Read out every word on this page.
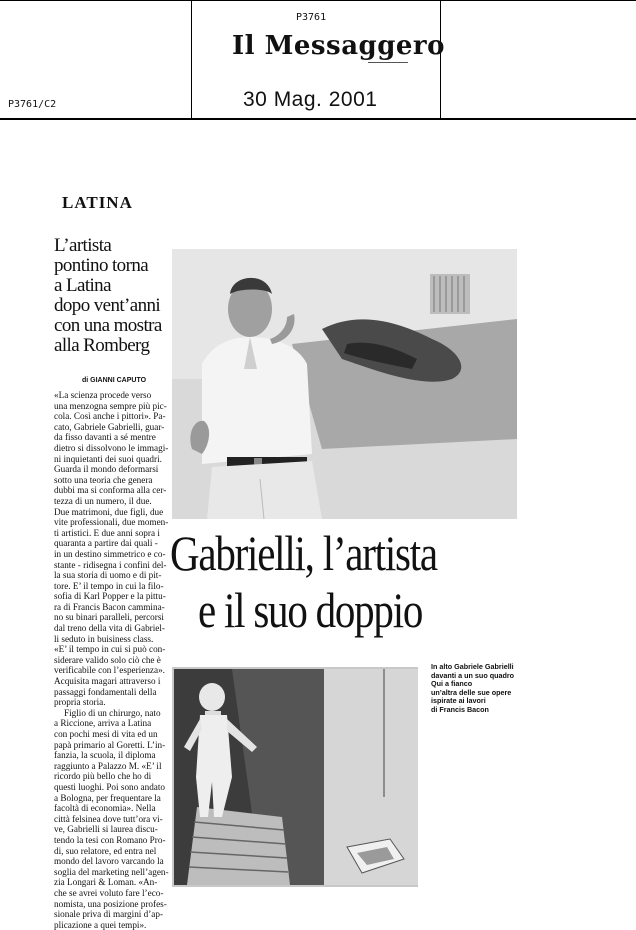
P3761
Il Messaggero
P3761/C2	30 Mag. 2001
LATINA
L’artista
pontino torna
a Latina
dopo vent’anni
con una mostra
alla Romberg
di GIANNI CAPUTO
«La scienza procede verso
una menzogna sempre più pic-
cola. Così anche i pittori». Pa-
cato, Gabriele Gabrielli, guar-
da fisso davanti a sé mentre
dietro si dissolvono le immagi-
ni inquietanti dei suoi quadri.
Guarda il mondo deformarsi
sotto una teoria che genera
dubbi ma si conforma alla cer-
tezza di un numero, il due.
Due matrimoni, due figli, due
vite professionali, due momen-
ti artistici. E due anni sopra i
quaranta a partire dai quali -
in un destino simmetrico e co-
stante - ridisegna i confini del-
la sua storia di uomo e di pit-
tore. E’ il tempo in cui la filo-
sofia di Karl Popper e la pittu-
ra di Francis Bacon cammina-
no su binari paralleli, percorsi
dal treno della vita di Gabriel-
li seduto in buisiness class.
«E’ il tempo in cui si può con-
siderare valido solo ciò che è
verificabile con l’esperienza».
Acquisita magari attraverso i
passaggi fondamentali della
propria storia.
Figlio di un chirurgo, nato
a Riccione, arriva a Latina
con pochi mesi di vita ed un
papà primario al Goretti. L’in-
fanzia, la scuola, il diploma
raggiunto a Palazzo M. «E’ il
ricordo più bello che ho di
questi luoghi. Poi sono andato
a Bologna, per frequentare la
facoltà di economia». Nella
città felsinea dove tutt’ora vi-
ve, Gabrielli si laurea discu-
tendo la tesi con Romano Pro-
di, suo relatore, ed entra nel
mondo del lavoro varcando la
soglia del marketing nell’agen-
zia Longari & Loman. «An-
che se avrei voluto fare l’eco-
nomista, una posizione profes-
sionale priva di margini d’ap-
plicazione a quei tempi».
Gabrielli, l’artista
e il suo doppio
In alto Gabriele Gabrielli
davanti a un suo quadro
Qui a fianco
un’altra delle sue opere
ispirate ai lavori
di Francis Bacon
